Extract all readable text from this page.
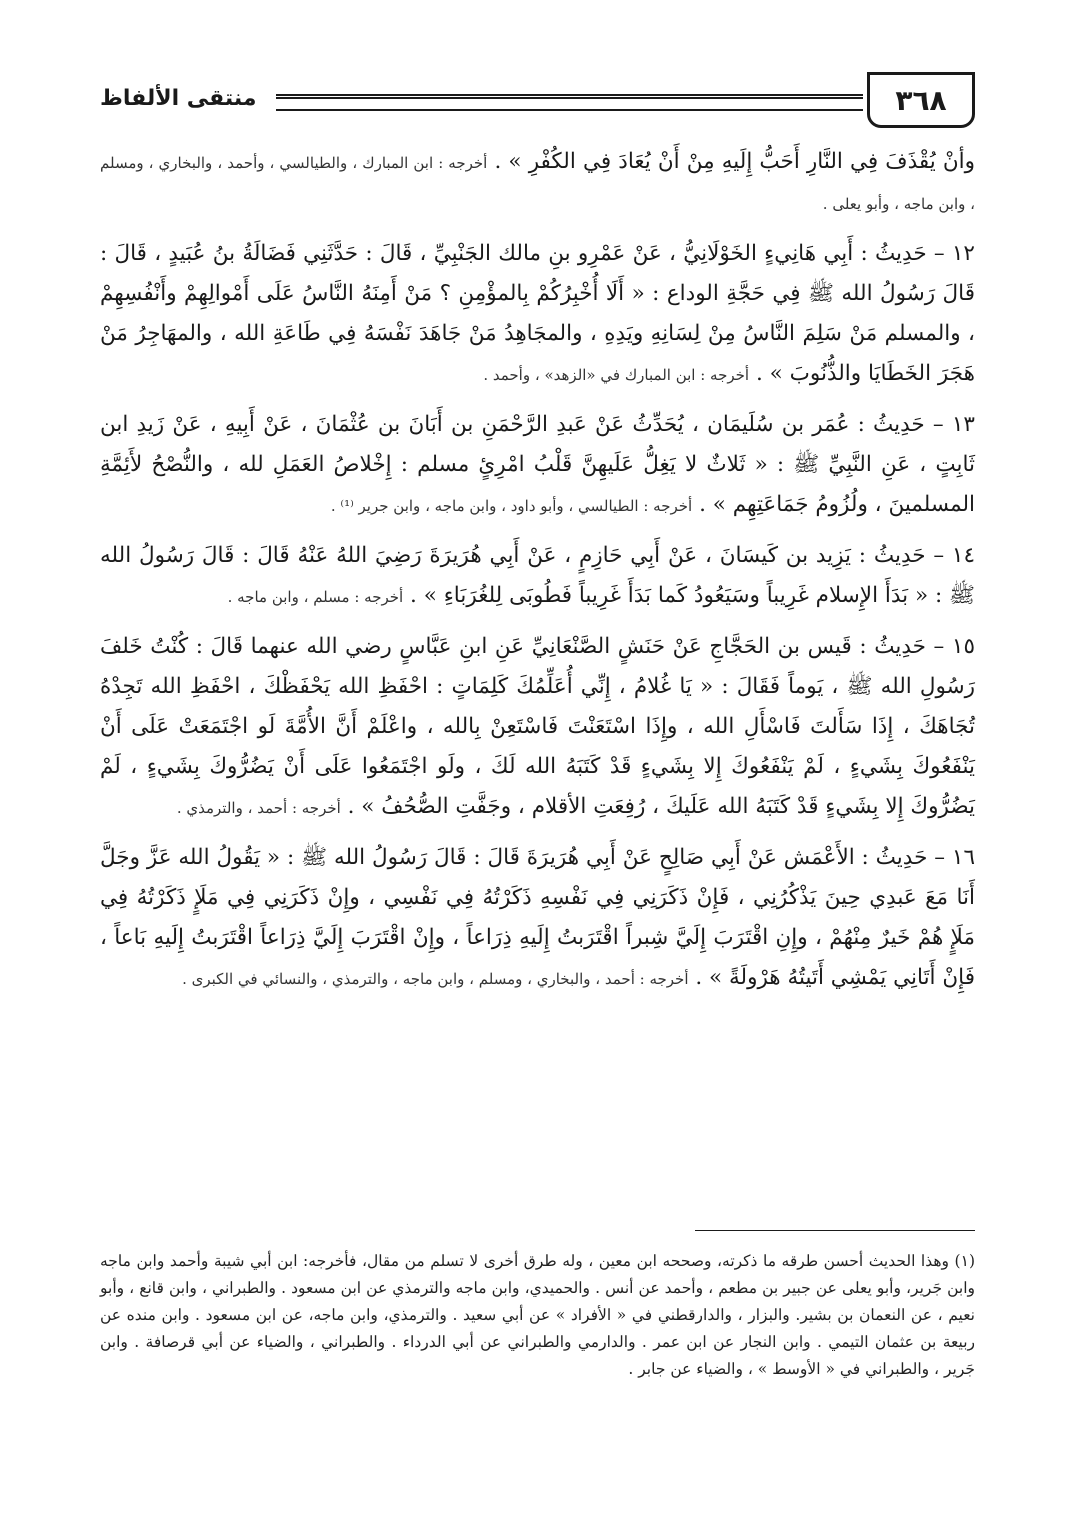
٣٦٨
منتقى الألفاظ

وأنْ يُقْذَفَ فِي النَّارِ أَحَبُّ إِلَيهِ مِنْ أَنْ يُعَادَ فِي الكُفْرِ » . أخرجه : ابن المبارك ، والطيالسي ، وأحمد ، والبخاري ، ومسلم ، وابن ماجه ، وأبو يعلى .

١٢ – حَدِيثُ : أَبِي هَانِيءٍ الخَوْلَانِيُّ ، عَنْ عَمْرِو بنِ مالك الجَنْبِيِّ ، قَالَ : حَدَّثَنِي فَضَالَةُ بنُ عُبَيدٍ ، قَالَ : قَالَ رَسُولُ الله ﷺ فِي حَجَّةِ الوداع : « أَلَا أُخْبِرُكُمْ بِالمؤْمِنِ ؟ مَنْ أَمِنَهُ النَّاسُ عَلَى أَمْوالِهِمْ وأَنْفُسِهِمْ ، والمسلم مَنْ سَلِمَ النَّاسُ مِنْ لِسَانِهِ ويَدِهِ ، والمجَاهِدُ مَنْ جَاهَدَ نَفْسَهُ فِي طَاعَةِ الله ، والمهَاجِرُ مَنْ هَجَرَ الخَطَايَا والذُّنُوبَ » . أخرجه : ابن المبارك في «الزهد» ، وأحمد .

١٣ – حَدِيثُ : عُمَر بن سُلَيمَان ، يُحَدِّثُ عَنْ عَبدِ الرَّحْمَنِ بن أَبَانَ بن عُثْمَانَ ، عَنْ أَبِيهِ ، عَنْ زَيدِ ابن ثَابِتٍ ، عَنِ النَّبِيِّ ﷺ : « ثَلاثٌ لا يَغِلُّ عَلَيهِنَّ قَلْبُ امْرِئٍ مسلم : إِخْلاصُ العَمَلِ لله ، والنُّصْحُ لأَئِمَّةِ المسلمينَ ، ولُزُومُ جَمَاعَتِهِم » . أخرجه : الطيالسي ، وأبو داود ، وابن ماجه ، وابن جرير ⁽¹⁾ .

١٤ – حَدِيثُ : يَزِيد بن كَيسَانَ ، عَنْ أَبِي حَازِمٍ ، عَنْ أَبِي هُرَيرَةَ رَضِيَ اللهُ عَنْهُ قَالَ : قَالَ رَسُولُ الله ﷺ : « بَدَأَ الإِسلام غَرِيباً وسَيَعُودُ كَما بَدَأَ غَرِيباً فَطُوبَى لِلغُرَبَاءِ » . أخرجه : مسلم ، وابن ماجه .

١٥ – حَدِيثُ : قَيس بن الحَجَّاجِ عَنْ حَنَشٍ الصَّنْعَانِيِّ عَنِ ابنِ عَبَّاسٍ رضي الله عنهما قَالَ : كُنْتُ خَلفَ رَسُولِ الله ﷺ ، يَوماً فَقَالَ : « يَا غُلامُ ، إِنِّي أُعَلِّمُكَ كَلِمَاتٍ : احْفَظِ الله يَحْفَظْكَ ، احْفَظِ الله تَجِدْهُ تُجَاهَكَ ، إِذَا سَأَلتَ فَاسْأَلِ الله ، وإِذَا اسْتَعَنْتَ فَاسْتَعِنْ بِالله ، واعْلَمْ أَنَّ الأُمَّةَ لَو اجْتَمَعَتْ عَلَى أَنْ يَنْفَعُوكَ بِشَيءٍ ، لَمْ يَنْفَعُوكَ إِلا بِشَيءٍ قَدْ كَتَبَهُ الله لَكَ ، ولَو اجْتَمَعُوا عَلَى أَنْ يَضُرُّوكَ بِشَيءٍ ، لَمْ يَضُرُّوكَ إِلا بِشَيءٍ قَدْ كَتَبَهُ الله عَلَيكَ ، رُفِعَتِ الأقلام ، وجَفَّتِ الصُّحُفُ » . أخرجه : أحمد ، والترمذي .

١٦ – حَدِيثُ : الأَعْمَش عَنْ أَبِي صَالِحٍ عَنْ أَبِي هُرَيرَةَ قَالَ : قَالَ رَسُولُ الله ﷺ : « يَقُولُ الله عَزَّ وجَلَّ أَنَا مَعَ عَبدِي حِينَ يَذْكُرُنِي ، فَإِنْ ذَكَرَنِي فِي نَفْسِهِ ذَكَرْتُهُ فِي نَفْسِي ، وإِنْ ذَكَرَنِي فِي مَلَإٍ ذَكَرْتُهُ فِي مَلَإٍ هُمْ خَيرٌ مِنْهُمْ ، وإِنِ اقْتَرَبَ إِلَيَّ شِبراً اقْتَرَبتُ إِلَيهِ ذِرَاعاً ، وإِنْ اقْتَرَبَ إِلَيَّ ذِرَاعاً اقْتَرَبتُ إِلَيهِ بَاعاً ، فَإِنْ أَتَانِي يَمْشِي أَتَيتُهُ هَرْولَةً » . أخرجه : أحمد ، والبخاري ، ومسلم ، وابن ماجه ، والترمذي ، والنسائي في الكبرى .

(١) وهذا الحديث أحسن طرقه ما ذكرته، وصححه ابن معين ، وله طرق أخرى لا تسلم من مقال، فأخرجه: ابن أبي شيبة وأحمد وابن ماجه وابن جَرير، وأبو يعلى عن جبير بن مطعم ، وأحمد عن أنس . والحميدي، وابن ماجه والترمذي عن ابن مسعود . والطبراني ، وابن قانع ، وأبو نعيم ، عن النعمان بن بشير. والبزار ، والدارقطني في « الأفراد » عن أبي سعيد . والترمذي، وابن ماجه، عن ابن مسعود . وابن منده عن ربيعة بن عثمان التيمي . وابن النجار عن ابن عمر . والدارمي والطبراني عن أبي الدرداء . والطبراني ، والضياء عن أبي قرصافة . وابن جَرير ، والطبراني في « الأوسط » ، والضياء عن جابر .
